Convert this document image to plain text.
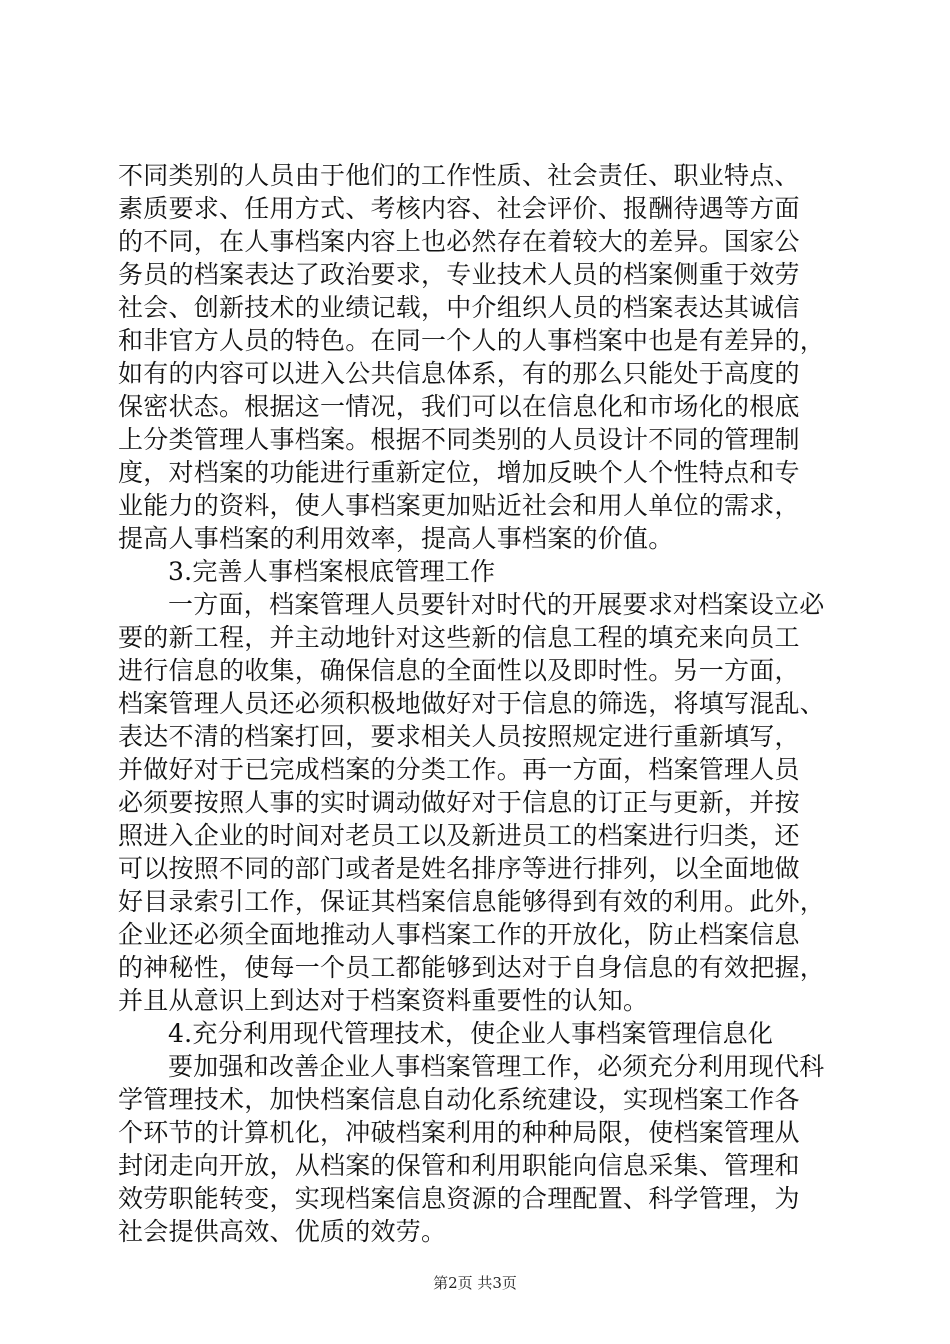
不同类别的人员由于他们的工作性质、社会责任、职业特点、
素质要求、任用方式、考核内容、社会评价、报酬待遇等方面
的不同，在人事档案内容上也必然存在着较大的差异。国家公
务员的档案表达了政治要求，专业技术人员的档案侧重于效劳
社会、创新技术的业绩记载，中介组织人员的档案表达其诚信
和非官方人员的特色。在同一个人的人事档案中也是有差异的，
如有的内容可以进入公共信息体系，有的那么只能处于高度的
保密状态。根据这一情况，我们可以在信息化和市场化的根底
上分类管理人事档案。根据不同类别的人员设计不同的管理制
度，对档案的功能进行重新定位，增加反映个人个性特点和专
业能力的资料，使人事档案更加贴近社会和用人单位的需求，
提高人事档案的利用效率，提高人事档案的价值。
3.完善人事档案根底管理工作
一方面，档案管理人员要针对时代的开展要求对档案设立必
要的新工程，并主动地针对这些新的信息工程的填充来向员工
进行信息的收集，确保信息的全面性以及即时性。另一方面，
档案管理人员还必须积极地做好对于信息的筛选，将填写混乱、
表达不清的档案打回，要求相关人员按照规定进行重新填写，
并做好对于已完成档案的分类工作。再一方面，档案管理人员
必须要按照人事的实时调动做好对于信息的订正与更新，并按
照进入企业的时间对老员工以及新进员工的档案进行归类，还
可以按照不同的部门或者是姓名排序等进行排列，以全面地做
好目录索引工作，保证其档案信息能够得到有效的利用。此外，
企业还必须全面地推动人事档案工作的开放化，防止档案信息
的神秘性，使每一个员工都能够到达对于自身信息的有效把握，
并且从意识上到达对于档案资料重要性的认知。
4.充分利用现代管理技术，使企业人事档案管理信息化
要加强和改善企业人事档案管理工作，必须充分利用现代科
学管理技术，加快档案信息自动化系统建设，实现档案工作各
个环节的计算机化，冲破档案利用的种种局限，使档案管理从
封闭走向开放，从档案的保管和利用职能向信息采集、管理和
效劳职能转变，实现档案信息资源的合理配置、科学管理，为
社会提供高效、优质的效劳。
第2页 共3页
